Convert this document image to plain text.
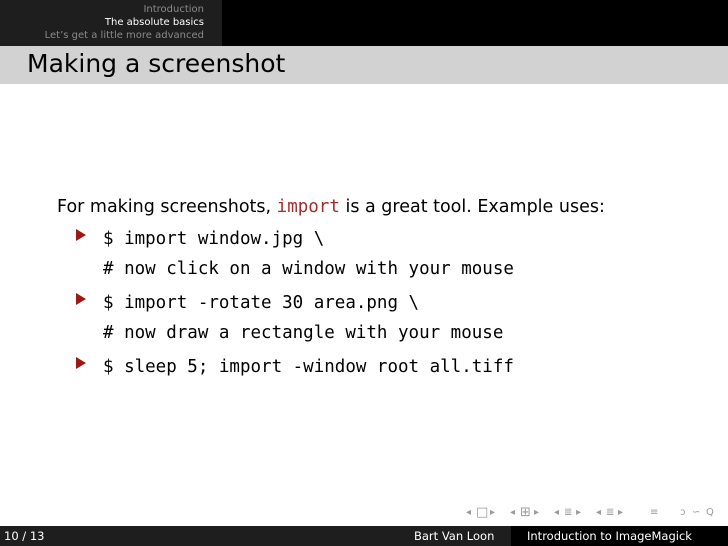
Introduction
The absolute basics
Let’s get a little more advanced
Making a screenshot
For making screenshots, import is a great tool. Example uses:
$ import window.jpg \
# now click on a window with your mouse
$ import -rotate 30 area.png \
# now draw a rectangle with your mouse
$ sleep 5; import -window root all.tiff
◂ □ ▸ ◂ ⊞ ▸ ◂ ≣ ▸ ◂ ≣ ▸	≡ ᴐ ∽ Q
10 / 13	Bart Van Loon	Introduction to ImageMagick
